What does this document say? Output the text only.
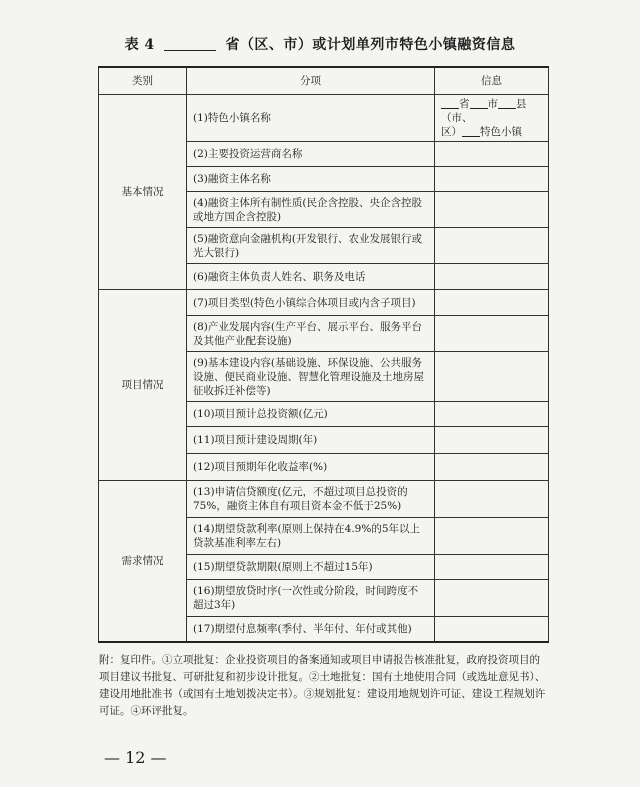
表 4	省（区、市）或计划单列市特色小镇融资信息
类别	分项	信息
基本情况	(1)特色小镇名称	省 市 县（市、
区） 特色小镇
	(2)主要投资运营商名称	
	(3)融资主体名称	
	(4)融资主体所有制性质(民企含控股、央企含控股或地方国企含控股)	
	(5)融资意向金融机构(开发银行、农业发展银行或光大银行)	
	(6)融资主体负责人姓名、职务及电话	
项目情况	(7)项目类型(特色小镇综合体项目或内含子项目)	
	(8)产业发展内容(生产平台、展示平台、服务平台及其他产业配套设施)	
	(9)基本建设内容(基础设施、环保设施、公共服务设施、便民商业设施、智慧化管理设施及土地房屋征收拆迁补偿等)	
	(10)项目预计总投资额(亿元)	
	(11)项目预计建设周期(年)	
	(12)项目预期年化收益率(%)	
需求情况	(13)申请信贷额度(亿元，不超过项目总投资的75%，融资主体自有项目资本金不低于25%)	
	(14)期望贷款利率(原则上保持在4.9%的5年以上贷款基准利率左右)	
	(15)期望贷款期限(原则上不超过15年)	
	(16)期望放贷时序(一次性或分阶段，时间跨度不超过3年)	
	(17)期望付息频率(季付、半年付、年付或其他)	
附：复印件。①立项批复：企业投资项目的备案通知或项目申请报告核准批复，政府投资项目的项目建议书批复、可研批复和初步设计批复。②土地批复：国有土地使用合同（或选址意见书）、建设用地批准书（或国有土地划拨决定书）。③规划批复：建设用地规划许可证、建设工程规划许可证。④环评批复。
— 12 —
